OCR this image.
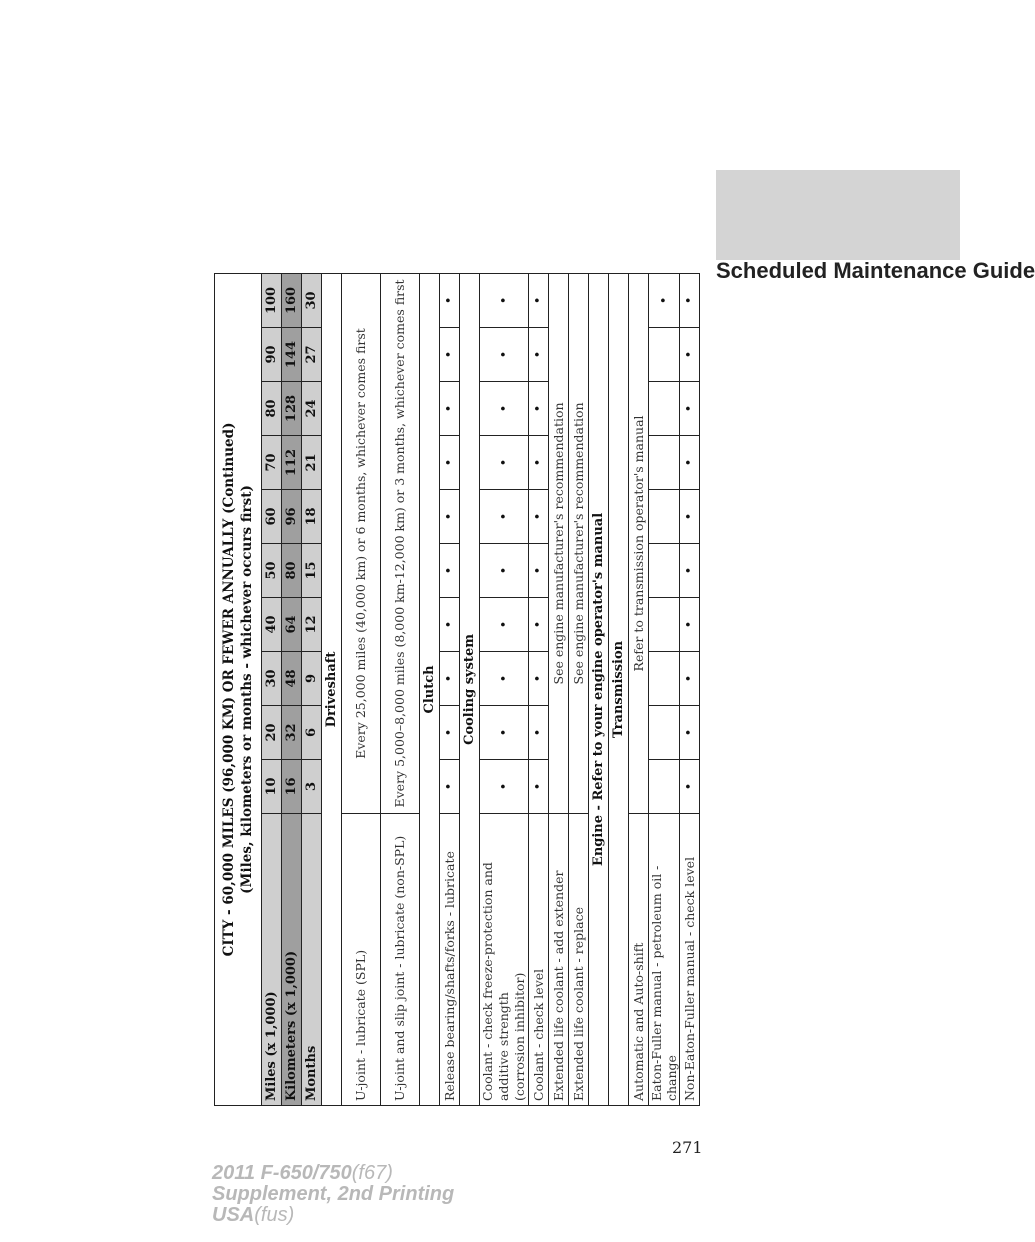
Scheduled Maintenance Guide
CITY - 60,000 MILES (96,000 KM) OR FEWER ANNUALLY (Continued) (Miles, kilometers or months - whichever occurs first)										

Miles (x 1,000)	10	20	30	40	50	60	70	80	90	100
Kilometers (x 1,000)	16	32	48	64	80	96	112	128	144	160
Months	3	6	9	12	15	18	21	24	27	30
Driveshaft										
U-joint - lubricate (SPL)	Every 25,000 miles (40,000 km) or 6 months, whichever comes first									
U-joint and slip joint - lubricate (non-SPL)	Every 5,000–8,000 miles (8,000 km-12,000 km) or 3 months, whichever comes first									
Clutch										
Release bearing/shafts/forks - lubricate	•	•	•	•	•	•	•	•	•	•
Cooling system										

Coolant - check freeze-protection and additive strength (corrosion inhibitor)	•	•	•	•	•	•	•	•	•	•
Coolant - check level	•	•	•	•	•	•	•	•	•	•
Extended life coolant - add extender	See engine manufacturer's recommendation									
Extended life coolant - replace	See engine manufacturer's recommendation									
Engine - Refer to your engine operator's manual										
Transmission										
Automatic and Auto-shift	Refer to transmission operator's manual									
Eaton-Fuller manual - petroleum oil - change										•
Non-Eaton-Fuller manual - check level	•	•	•	•	•	•	•	•	•	•
271
2011 F-650/750(f67)
Supplement, 2nd Printing
USA(fus)
